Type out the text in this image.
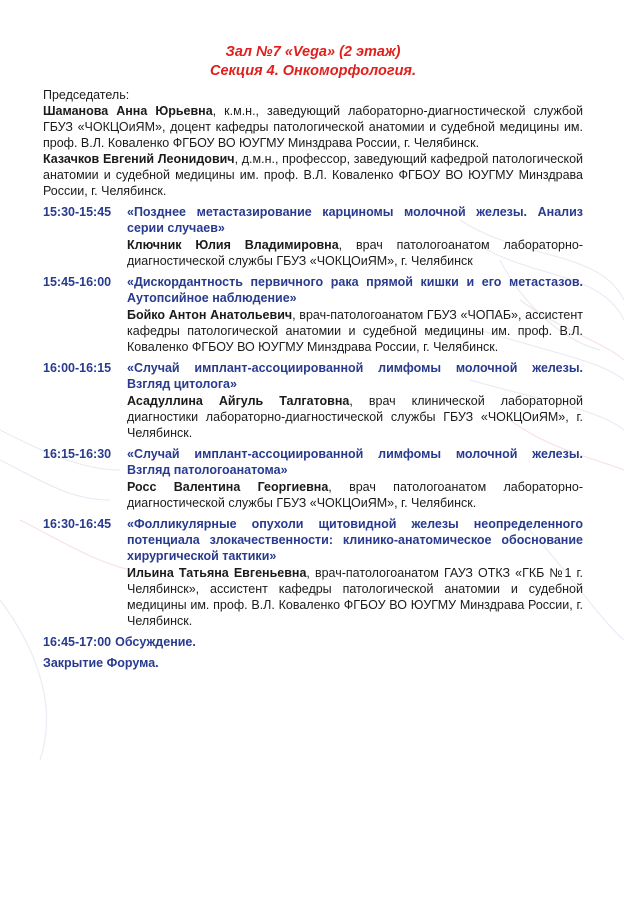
Зал №7 «Vega» (2 этаж)
Секция 4. Онкоморфология.
Председатель:
Шаманова Анна Юрьевна, к.м.н., заведующий лабораторно-диагностической службой ГБУЗ «ЧОКЦОиЯМ», доцент кафедры патологической анатомии и судебной медицины им. проф. В.Л. Коваленко ФГБОУ ВО ЮУГМУ Минздрава России, г. Челябинск.
Казачков Евгений Леонидович, д.м.н., профессор, заведующий кафедрой патологической анатомии и судебной медицины им. проф. В.Л. Коваленко ФГБОУ ВО ЮУГМУ Минздрава России, г. Челябинск.
15:30-15:45	«Позднее метастазирование карциномы молочной железы. Анализ серии случаев»
Ключник Юлия Владимировна, врач патологоанатом лабораторно-диагностической службы ГБУЗ «ЧОКЦОиЯМ», г. Челябинск
15:45-16:00	«Дискордантность первичного рака прямой кишки и его метастазов. Аутопсийное наблюдение»
Бойко Антон Анатольевич, врач-патологоанатом ГБУЗ «ЧОПАБ», ассистент кафедры патологической анатомии и судебной медицины им. проф. В.Л. Коваленко ФГБОУ ВО ЮУГМУ Минздрава России, г. Челябинск.
16:00-16:15	«Случай имплант-ассоциированной лимфомы молочной железы. Взгляд цитолога»
Асадуллина Айгуль Талгатовна, врач клинической лабораторной диагностики лабораторно-диагностической службы ГБУЗ «ЧОКЦОиЯМ», г. Челябинск.
16:15-16:30	«Случай имплант-ассоциированной лимфомы молочной железы. Взгляд патологоанатома»
Росс Валентина Георгиевна, врач патологоанатом лабораторно-диагностической службы ГБУЗ «ЧОКЦОиЯМ», г. Челябинск.
16:30-16:45	«Фолликулярные опухоли щитовидной железы неопределенного потенциала злокачественности: клинико-анатомическое обоснование хирургической тактики»
Ильина Татьяна Евгеньевна, врач-патологоанатом ГАУЗ ОТКЗ «ГКБ №1 г. Челябинск», ассистент кафедры патологической анатомии и судебной медицины им. проф. В.Л. Коваленко ФГБОУ ВО ЮУГМУ Минздрава России, г. Челябинск.
16:45-17:00 Обсуждение.
Закрытие Форума.
